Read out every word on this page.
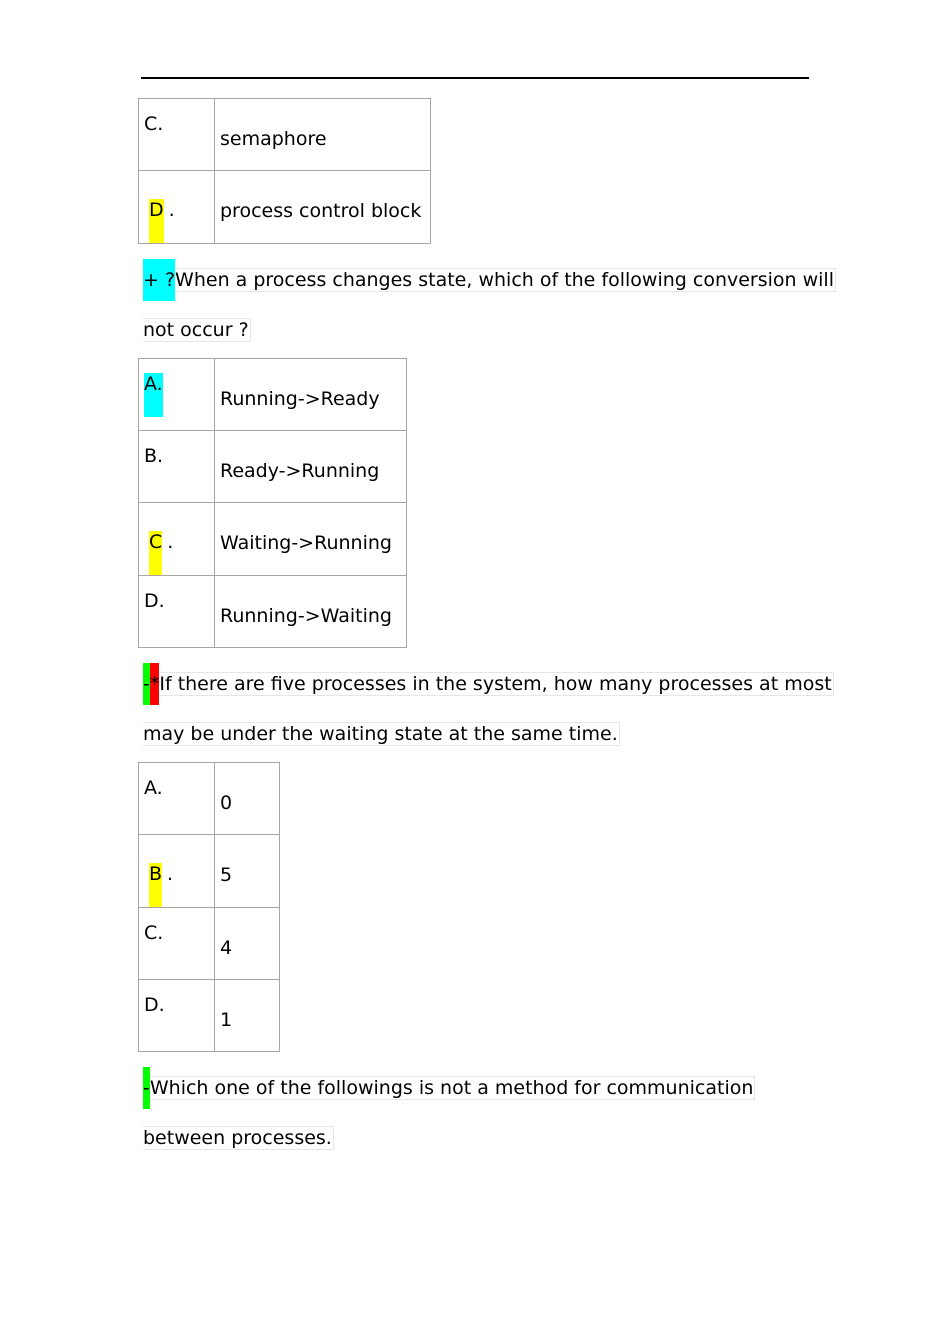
C.	semaphore
D .	process control block
+ ?When a process changes state, which of the following conversion will
not occur ?
A.	Running->Ready
B.	Ready->Running
C .	Waiting->Running
D.	Running->Waiting
-*If there are five processes in the system, how many processes at most
may be under the waiting state at the same time.
A.	0
B .	5
C.	4
D.	1
-Which one of the followings is not a method for communication
between processes.
